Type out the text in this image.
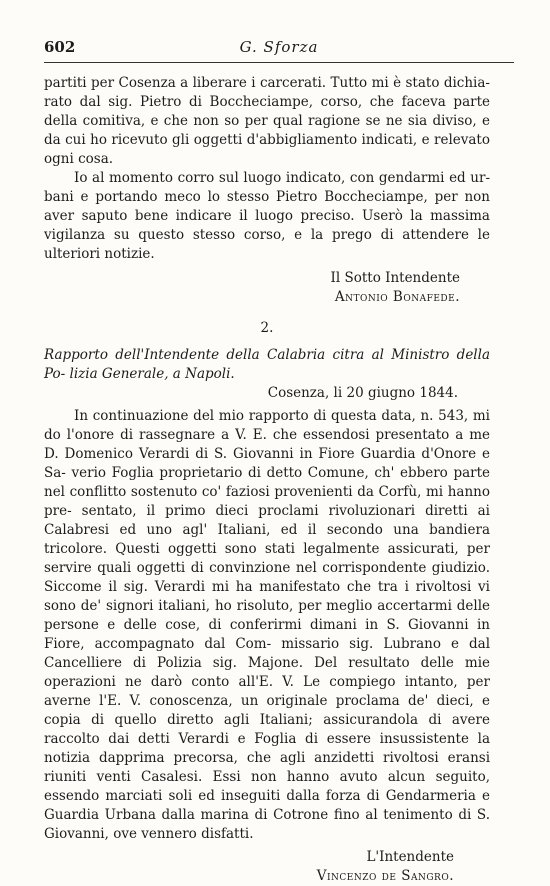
602	G. Sforza

partiti per Cosenza a liberare i carcerati. Tutto mi è stato dichia- rato dal sig. Pietro di Boccheciampe, corso, che faceva parte della comitiva, e che non so per qual ragione se ne sia diviso, e da cui ho ricevuto gli oggetti d'abbigliamento indicati, e relevato ogni cosa.

Io al momento corro sul luogo indicato, con gendarmi ed ur- bani e portando meco lo stesso Pietro Boccheciampe, per non aver saputo bene indicare il luogo preciso. Userò la massima vigilanza su questo stesso corso, e la prego di attendere le ulteriori notizie.

Il Sotto Intendente

Antonio Bonafede.

2.

Rapporto dell'Intendente della Calabria citra al Ministro della Po- lizia Generale, a Napoli.

Cosenza, li 20 giugno 1844.

In continuazione del mio rapporto di questa data, n. 543, mi do l'onore di rassegnare a V. E. che essendosi presentato a me D. Domenico Verardi di S. Giovanni in Fiore Guardia d'Onore e Sa- verio Foglia proprietario di detto Comune, ch' ebbero parte nel conflitto sostenuto co' faziosi provenienti da Corfù, mi hanno pre- sentato, il primo dieci proclami rivoluzionari diretti ai Calabresi ed uno agl' Italiani, ed il secondo una bandiera tricolore. Questi oggetti sono stati legalmente assicurati, per servire quali oggetti di convinzione nel corrispondente giudizio. Siccome il sig. Verardi mi ha manifestato che tra i rivoltosi vi sono de' signori italiani, ho risoluto, per meglio accertarmi delle persone e delle cose, di conferirmi dimani in S. Giovanni in Fiore, accompagnato dal Com- missario sig. Lubrano e dal Cancelliere di Polizia sig. Majone. Del resultato delle mie operazioni ne darò conto all'E. V. Le compiego intanto, per averne l'E. V. conoscenza, un originale proclama de' dieci, e copia di quello diretto agli Italiani; assicurandola di avere raccolto dai detti Verardi e Foglia di essere insussistente la notizia dapprima precorsa, che agli anzidetti rivoltosi eransi riuniti venti Casalesi. Essi non hanno avuto alcun seguito, essendo marciati soli ed inseguiti dalla forza di Gendarmeria e Guardia Urbana dalla marina di Cotrone fino al tenimento di S. Giovanni, ove vennero disfatti.

L'Intendente

Vincenzo de Sangro.
